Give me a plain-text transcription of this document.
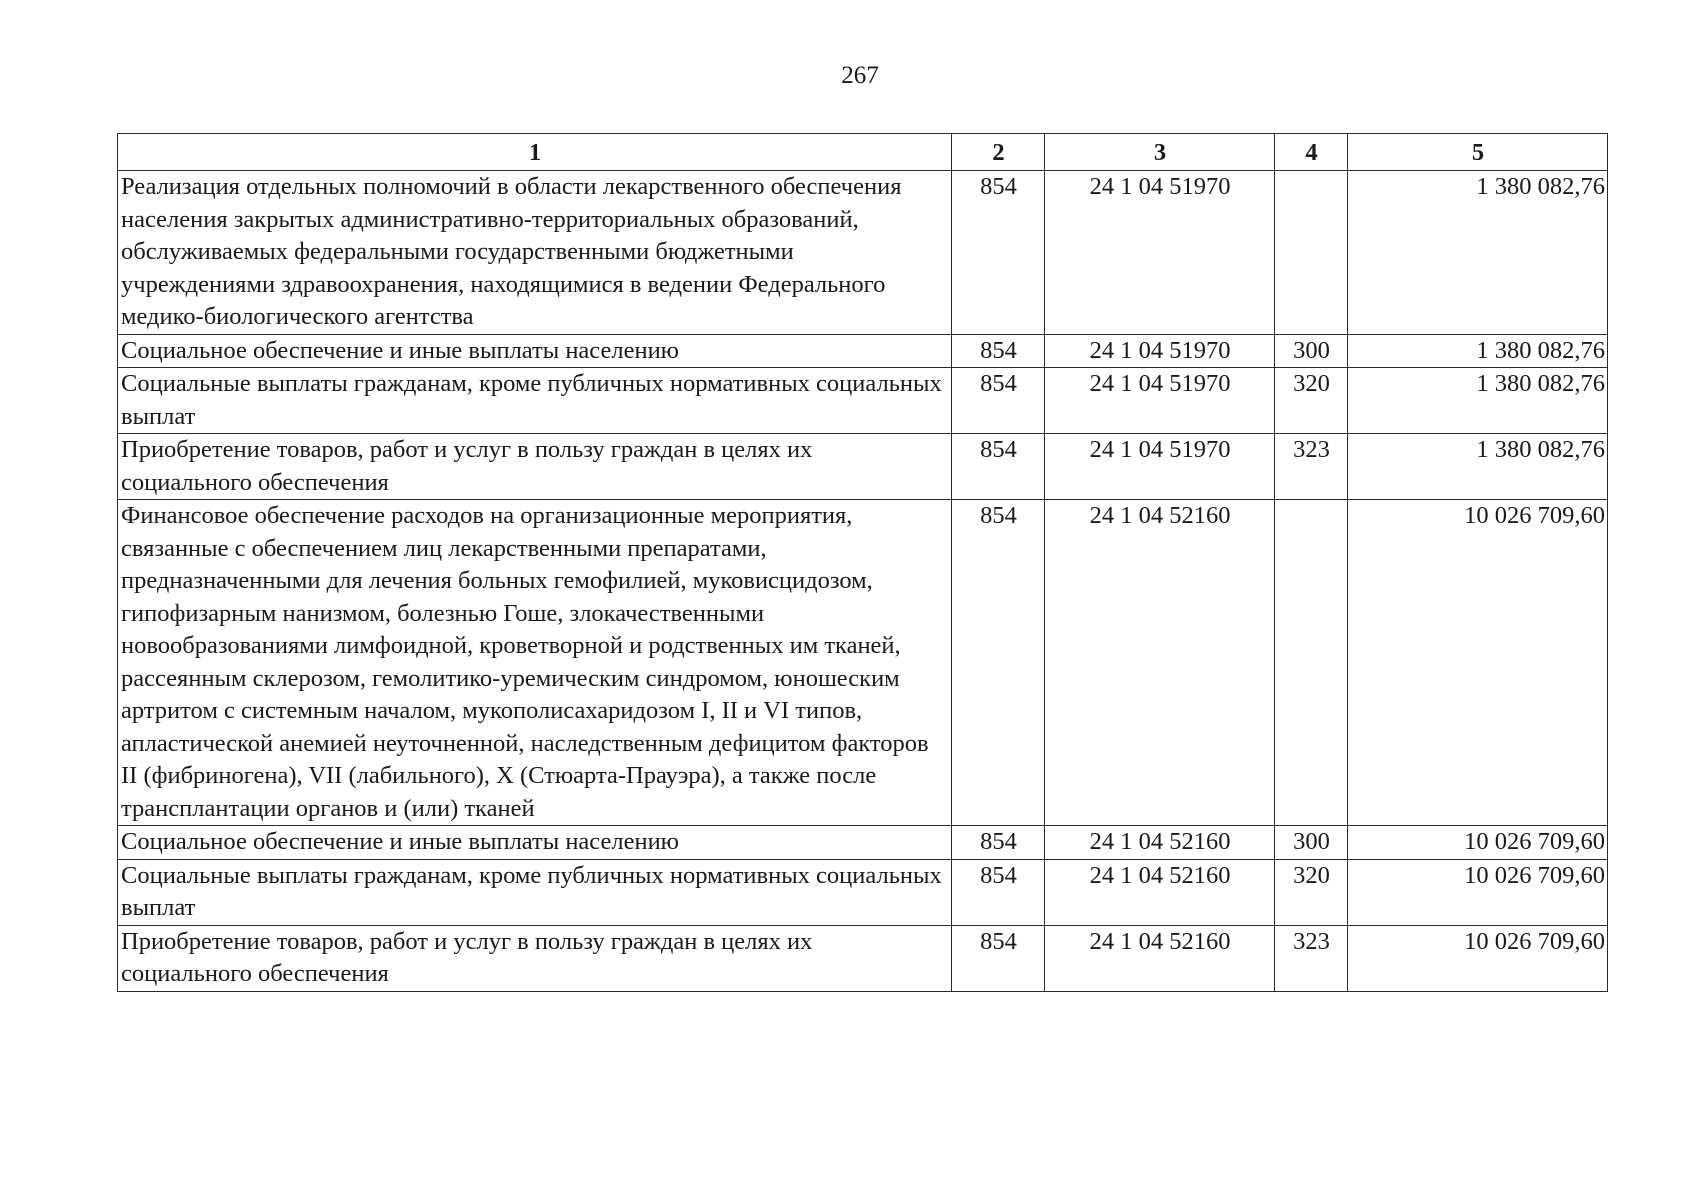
267
1	2	3	4	5
Реализация отдельных полномочий в области лекарственного обеспечения населения закрытых административно-территориальных образований, обслуживаемых федеральными государственными бюджетными учреждениями здравоохранения, находящимися в ведении Федерального медико-биологического агентства	854	24 1 04 51970		1 380 082,76
Социальное обеспечение и иные выплаты населению	854	24 1 04 51970	300	1 380 082,76
Социальные выплаты гражданам, кроме публичных нормативных социальных выплат	854	24 1 04 51970	320	1 380 082,76
Приобретение товаров, работ и услуг в пользу граждан в целях их социального обеспечения	854	24 1 04 51970	323	1 380 082,76
Финансовое обеспечение расходов на организационные мероприятия, связанные с обеспечением лиц лекарственными препаратами, предназначенными для лечения больных гемофилией, муковисцидозом, гипофизарным нанизмом, болезнью Гоше, злокачественными новообразованиями лимфоидной, кроветворной и родственных им тканей, рассеянным склерозом, гемолитико-уремическим синдромом, юношеским артритом с системным началом, мукополисахаридозом I, II и VI типов, апластической анемией неуточненной, наследственным дефицитом факторов II (фибриногена), VII (лабильного), X (Стюарта-Прауэра), а также после трансплантации органов и (или) тканей	854	24 1 04 52160		10 026 709,60
Социальное обеспечение и иные выплаты населению	854	24 1 04 52160	300	10 026 709,60
Социальные выплаты гражданам, кроме публичных нормативных социальных выплат	854	24 1 04 52160	320	10 026 709,60
Приобретение товаров, работ и услуг в пользу граждан в целях их социального обеспечения	854	24 1 04 52160	323	10 026 709,60
